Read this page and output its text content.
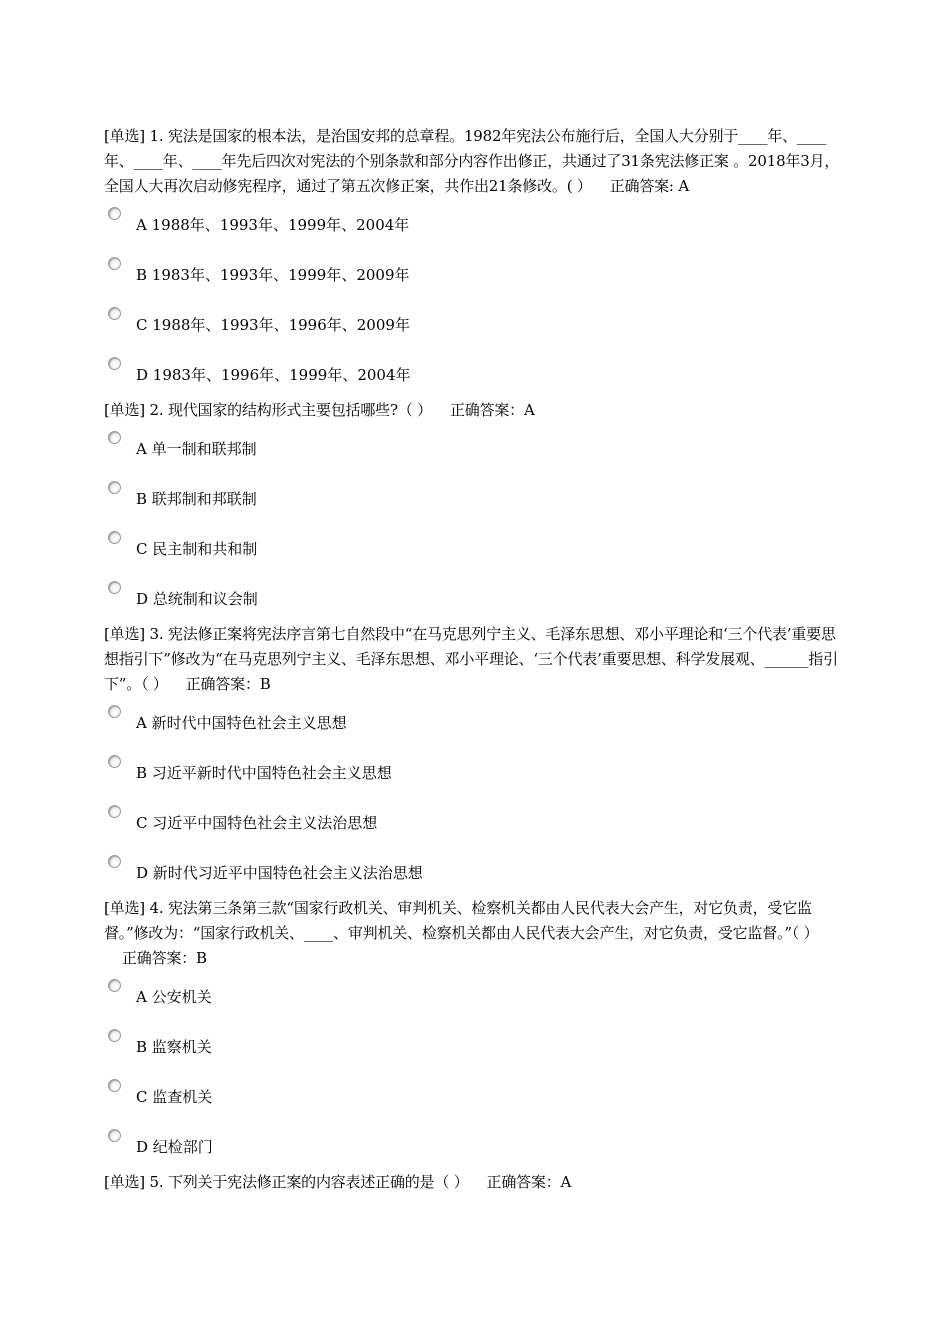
[单选] 1. 宪法是国家的根本法，是治国安邦的总章程。1982年宪法公布施行后，全国人大分别于____年、____ 年、____年、____年先后四次对宪法的个别条款和部分内容作出修正，共通过了31条宪法修正案 。2018年3月，全国人大再次启动修宪程序，通过了第五次修正案，共作出21条修改。( ） 正确答案: A
A 1988年、1993年、1999年、2004年
B 1983年、1993年、1999年、2009年
C 1988年、1993年、1996年、2009年
D 1983年、1996年、1999年、2004年
[单选] 2. 现代国家的结构形式主要包括哪些?（ ） 正确答案：A
A 单一制和联邦制
B 联邦制和邦联制
C 民主制和共和制
D 总统制和议会制
[单选] 3. 宪法修正案将宪法序言第七自然段中“在马克思列宁主义、毛泽东思想、邓小平理论和‘三个代表’重要思想指引下”修改为“在马克思列宁主义、毛泽东思想、邓小平理论、‘三个代表’重要思想、科学发展观、______指引下”。（ ） 正确答案：B
A 新时代中国特色社会主义思想
B 习近平新时代中国特色社会主义思想
C 习近平中国特色社会主义法治思想
D 新时代习近平中国特色社会主义法治思想
[单选] 4. 宪法第三条第三款“国家行政机关、审判机关、检察机关都由人民代表大会产生，对它负责，受它监督。”修改为：“国家行政机关、____、审判机关、检察机关都由人民代表大会产生，对它负责，受它监督。”（ ）正确答案：B
A 公安机关
B 监察机关
C 监查机关
D 纪检部门
[单选] 5. 下列关于宪法修正案的内容表述正确的是（ ） 正确答案：A
